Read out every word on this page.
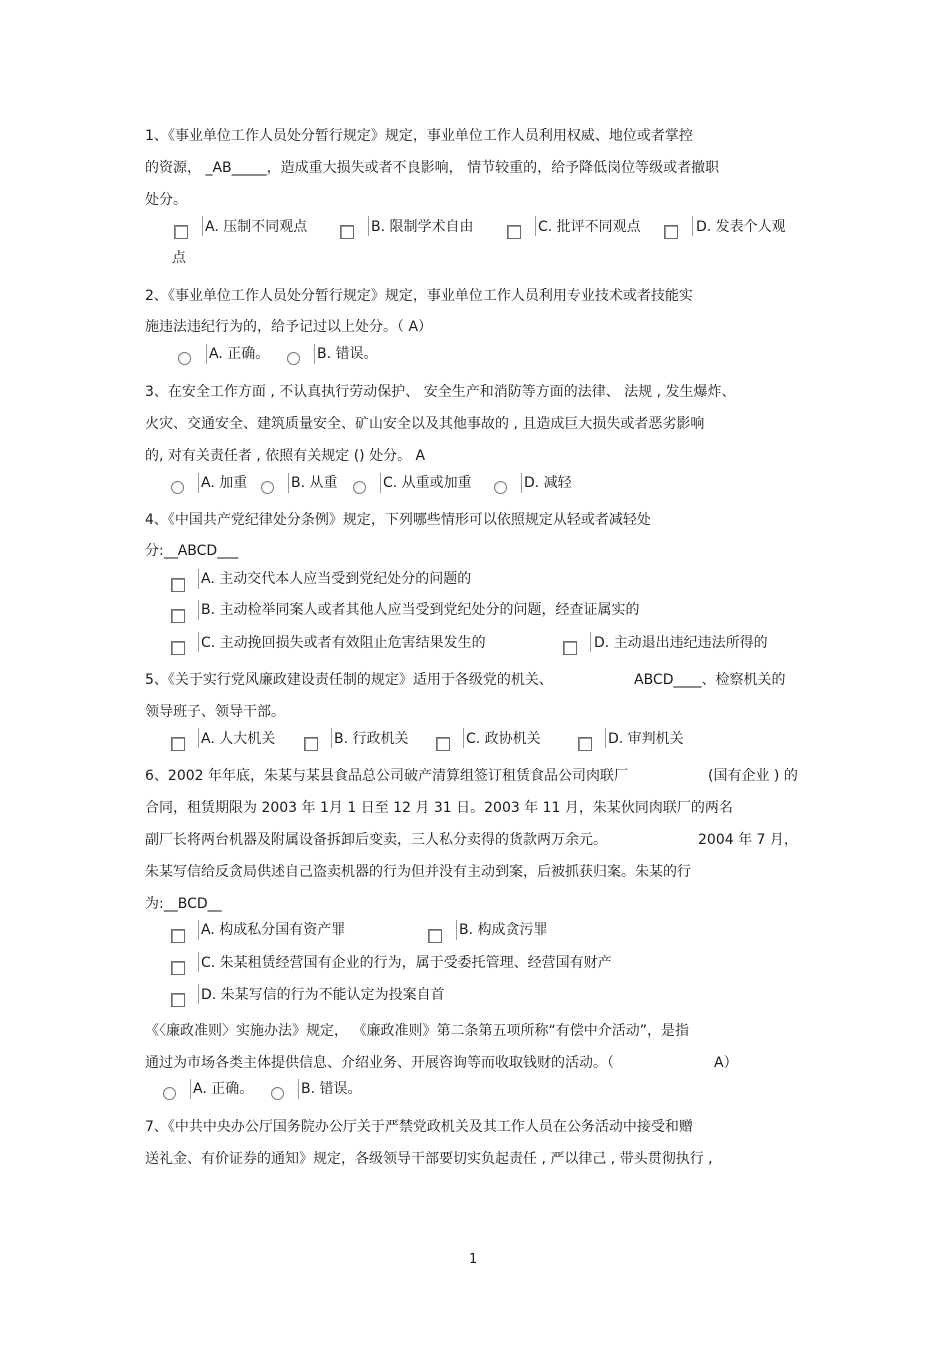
1、《事业单位工作人员处分暂行规定》规定，事业单位工作人员利用权威、地位或者掌控
的资源， _AB_____，造成重大损失或者不良影响， 情节较重的，给予降低岗位等级或者撤职
处分。
A. 压制不同观点	B. 限制学术自由	C. 批评不同观点	D. 发表个人观
点
2、《事业单位工作人员处分暂行规定》规定，事业单位工作人员利用专业技术或者技能实
施违法违纪行为的，给予记过以上处分。（ A）
A. 正确。	B. 错误。
3、在安全工作方面 , 不认真执行劳动保护、 安全生产和消防等方面的法律、 法规 , 发生爆炸、
火灾、交通安全、建筑质量安全、矿山安全以及其他事故的 , 且造成巨大损失或者恶劣影响
的, 对有关责任者 , 依照有关规定 () 处分。 A
A. 加重	B. 从重	C. 从重或加重	D. 减轻
4、《中国共产党纪律处分条例》规定，下列哪些情形可以依照规定从轻或者减轻处
分:__ABCD___
A. 主动交代本人应当受到党纪处分的问题的
B. 主动检举同案人或者其他人应当受到党纪处分的问题，经查证属实的
C. 主动挽回损失或者有效阻止危害结果发生的	D. 主动退出违纪违法所得的
5、《关于实行党风廉政建设责任制的规定》适用于各级党的机关、	ABCD____、检察机关的
领导班子、领导干部。
A. 人大机关	B. 行政机关	C. 政协机关	D. 审判机关
6、2002 年年底，朱某与某县食品总公司破产清算组签订租赁食品公司肉联厂	(国有企业 ) 的
合同，租赁期限为 2003 年 1月 1 日至 12 月 31 日。2003 年 11 月，朱某伙同肉联厂的两名
副厂长将两台机器及附属设备拆卸后变卖，三人私分卖得的货款两万余元。	2004 年 7 月，
朱某写信给反贪局供述自己盗卖机器的行为但并没有主动到案，后被抓获归案。朱某的行
为:__BCD__
A. 构成私分国有资产罪	B. 构成贪污罪
C. 朱某租赁经营国有企业的行为，属于受委托管理、经营国有财产
D. 朱某写信的行为不能认定为投案自首
《〈廉政准则〉实施办法》规定， 《廉政准则》第二条第五项所称“有偿中介活动”，是指
通过为市场各类主体提供信息、介绍业务、开展咨询等而收取钱财的活动。（	A）
A. 正确。	B. 错误。
7、《中共中央办公厅国务院办公厅关于严禁党政机关及其工作人员在公务活动中接受和赠
送礼金、有价证券的通知》规定，各级领导干部要切实负起责任 , 严以律己 , 带头贯彻执行 ,
1
